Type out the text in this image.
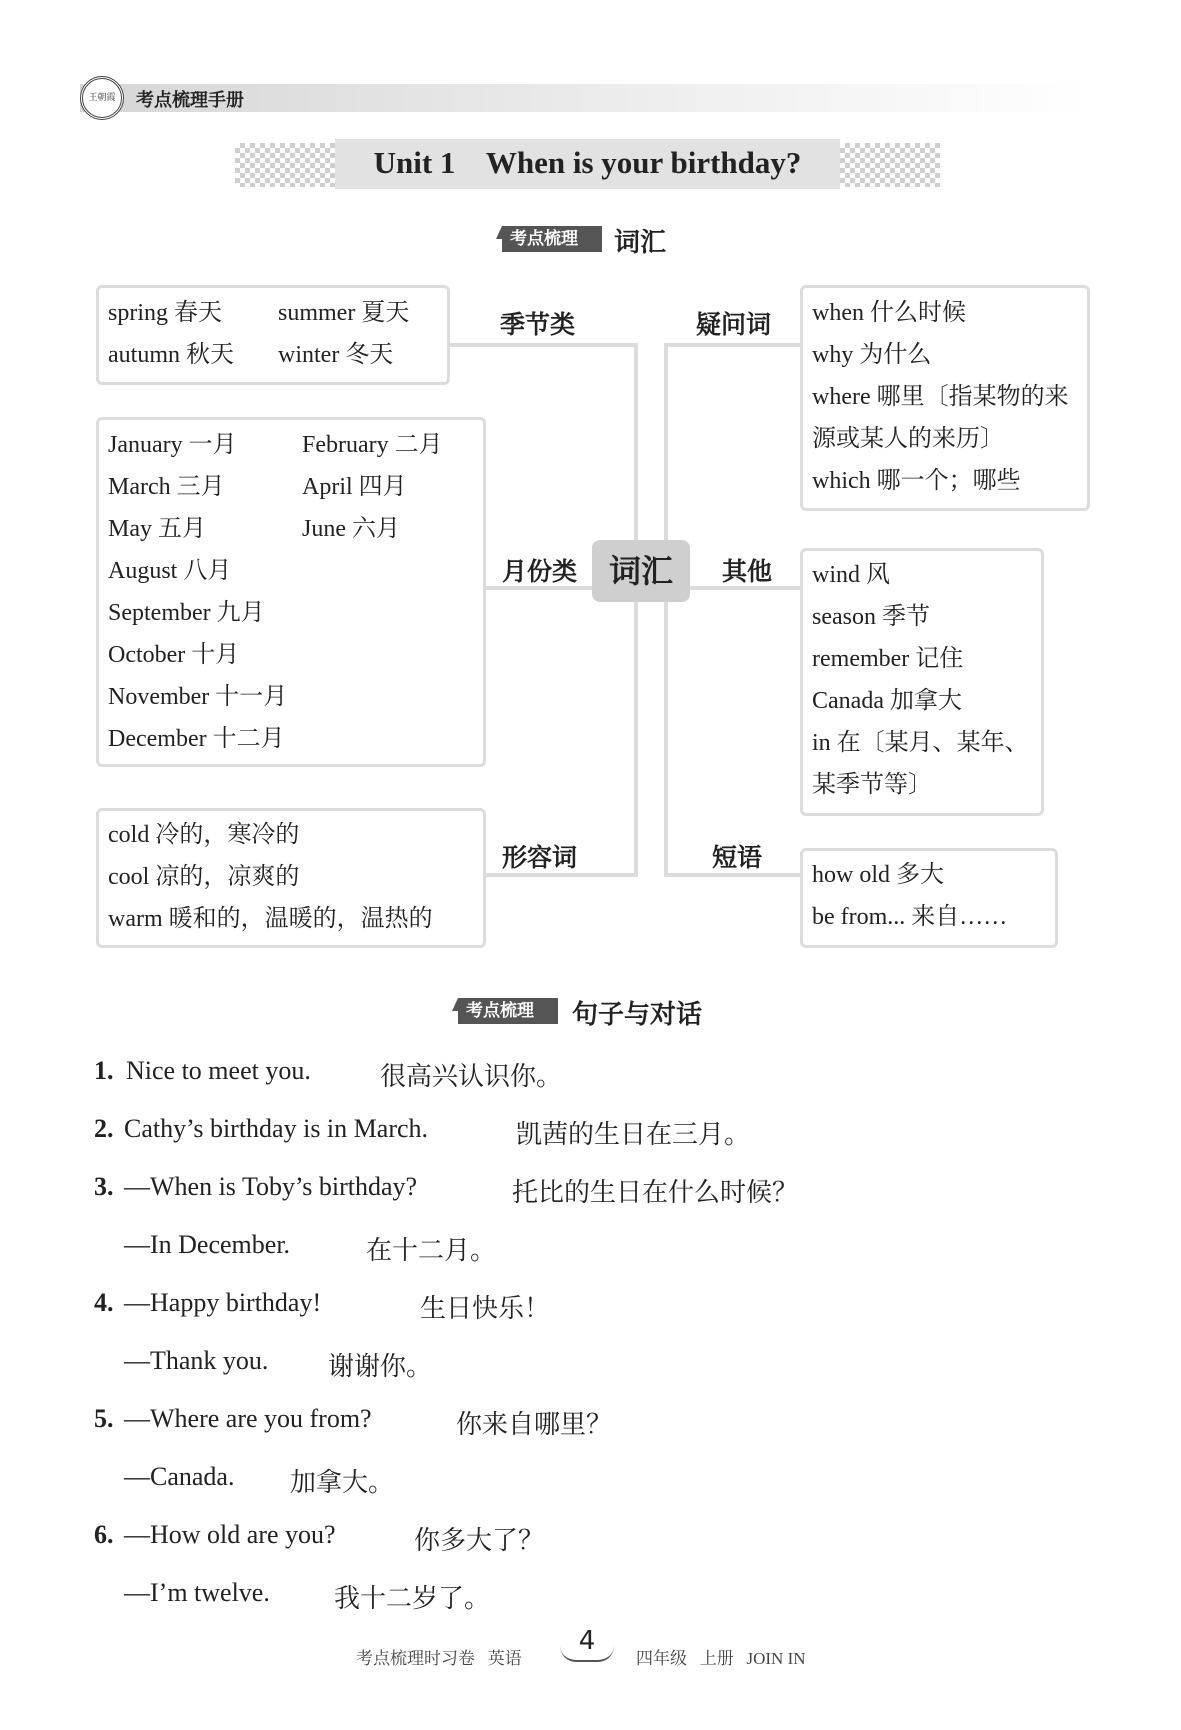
王朝霞	考点梳理手册
Unit 1    When is your birthday?
考点梳理	词汇
spring 春天 summer 夏天
autumn 秋天 winter 冬天
季节类
January 一月	February 二月
March 三月	April 四月
May 五月	June 六月
August 八月
September 九月
October 十月
November 十一月
December 十二月
月份类
cold 冷的，寒冷的
cool 凉的，凉爽的
warm 暖和的，温暖的，温热的
形容词
词汇
when 什么时候
why 为什么
where 哪里〔指某物的来源或某人的来历〕
which 哪一个；哪些
疑问词
wind 风
season 季节
remember 记住
Canada 加拿大
in 在〔某月、某年、某季节等〕
其他
how old 多大
be from... 来自……
短语
考点梳理	句子与对话
1. Nice to meet you.	很高兴认识你。
2. Cathy’s birthday is in March.	凯茜的生日在三月。
3. —When is Toby’s birthday?	托比的生日在什么时候？
—In December.	在十二月。
4. —Happy birthday!	生日快乐！
—Thank you. 谢谢你。
5. —Where are you from?	你来自哪里？
—Canada. 加拿大。
6. —How old are you?	你多大了？
—I’m twelve. 我十二岁了。
考点梳理时习卷   英语
4
四年级   上册   JOIN IN
